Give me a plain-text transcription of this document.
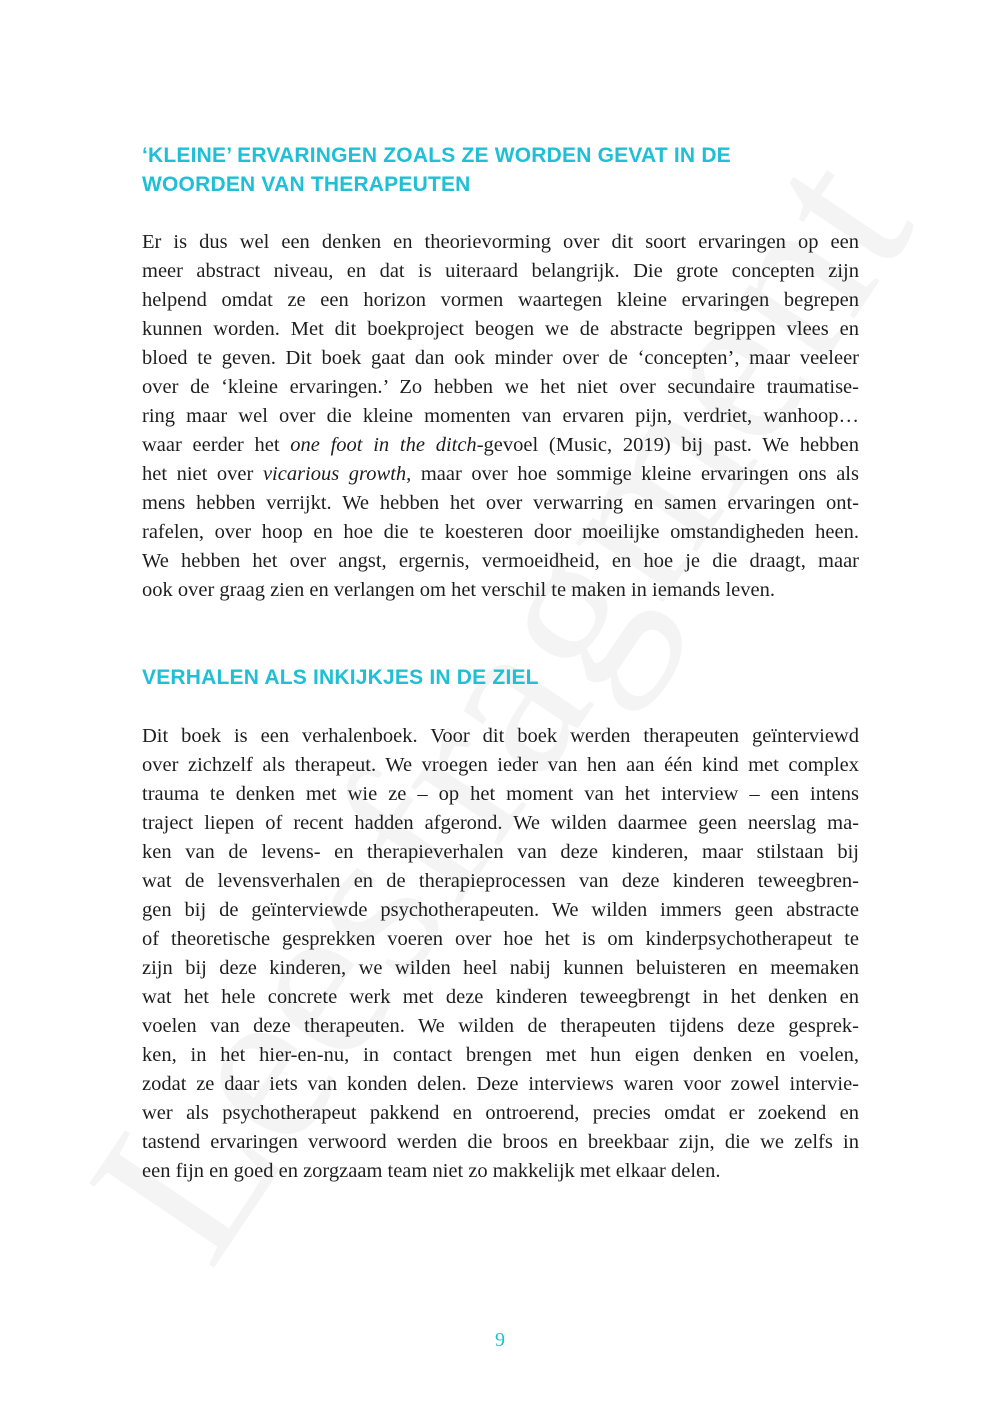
‘KLEINE’ ERVARINGEN ZOALS ZE WORDEN GEVAT IN DE
WOORDEN VAN THERAPEUTEN
Er is dus wel een denken en theorievorming over dit soort ervaringen op een
meer abstract niveau, en dat is uiteraard belangrijk. Die grote concepten zijn
helpend omdat ze een horizon vormen waartegen kleine ervaringen begrepen
kunnen worden. Met dit boekproject beogen we de abstracte begrippen vlees en
bloed te geven. Dit boek gaat dan ook minder over de ‘concepten’, maar veeleer
over de ‘kleine ervaringen.’ Zo hebben we het niet over secundaire traumatise-
ring maar wel over die kleine momenten van ervaren pijn, verdriet, wanhoop…
waar eerder het one foot in the ditch-gevoel (Music, 2019) bij past. We hebben
het niet over vicarious growth, maar over hoe sommige kleine ervaringen ons als
mens hebben verrijkt. We hebben het over verwarring en samen ervaringen ont-
rafelen, over hoop en hoe die te koesteren door moeilijke omstandigheden heen.
We hebben het over angst, ergernis, vermoeidheid, en hoe je die draagt, maar
ook over graag zien en verlangen om het verschil te maken in iemands leven.
VERHALEN ALS INKIJKJES IN DE ZIEL
Dit boek is een verhalenboek. Voor dit boek werden therapeuten geïnterviewd
over zichzelf als therapeut. We vroegen ieder van hen aan één kind met complex
trauma te denken met wie ze – op het moment van het interview – een intens
traject liepen of recent hadden afgerond. We wilden daarmee geen neerslag ma-
ken van de levens- en therapieverhalen van deze kinderen, maar stilstaan bij
wat de levensverhalen en de therapieprocessen van deze kinderen teweegbren-
gen bij de geïnterviewde psychotherapeuten. We wilden immers geen abstracte
of theoretische gesprekken voeren over hoe het is om kinderpsychotherapeut te
zijn bij deze kinderen, we wilden heel nabij kunnen beluisteren en meemaken
wat het hele concrete werk met deze kinderen teweegbrengt in het denken en
voelen van deze therapeuten. We wilden de therapeuten tijdens deze gesprek-
ken, in het hier-en-nu, in contact brengen met hun eigen denken en voelen,
zodat ze daar iets van konden delen. Deze interviews waren voor zowel intervie-
wer als psychotherapeut pakkend en ontroerend, precies omdat er zoekend en
tastend ervaringen verwoord werden die broos en breekbaar zijn, die we zelfs in
een fijn en goed en zorgzaam team niet zo makkelijk met elkaar delen.
9
